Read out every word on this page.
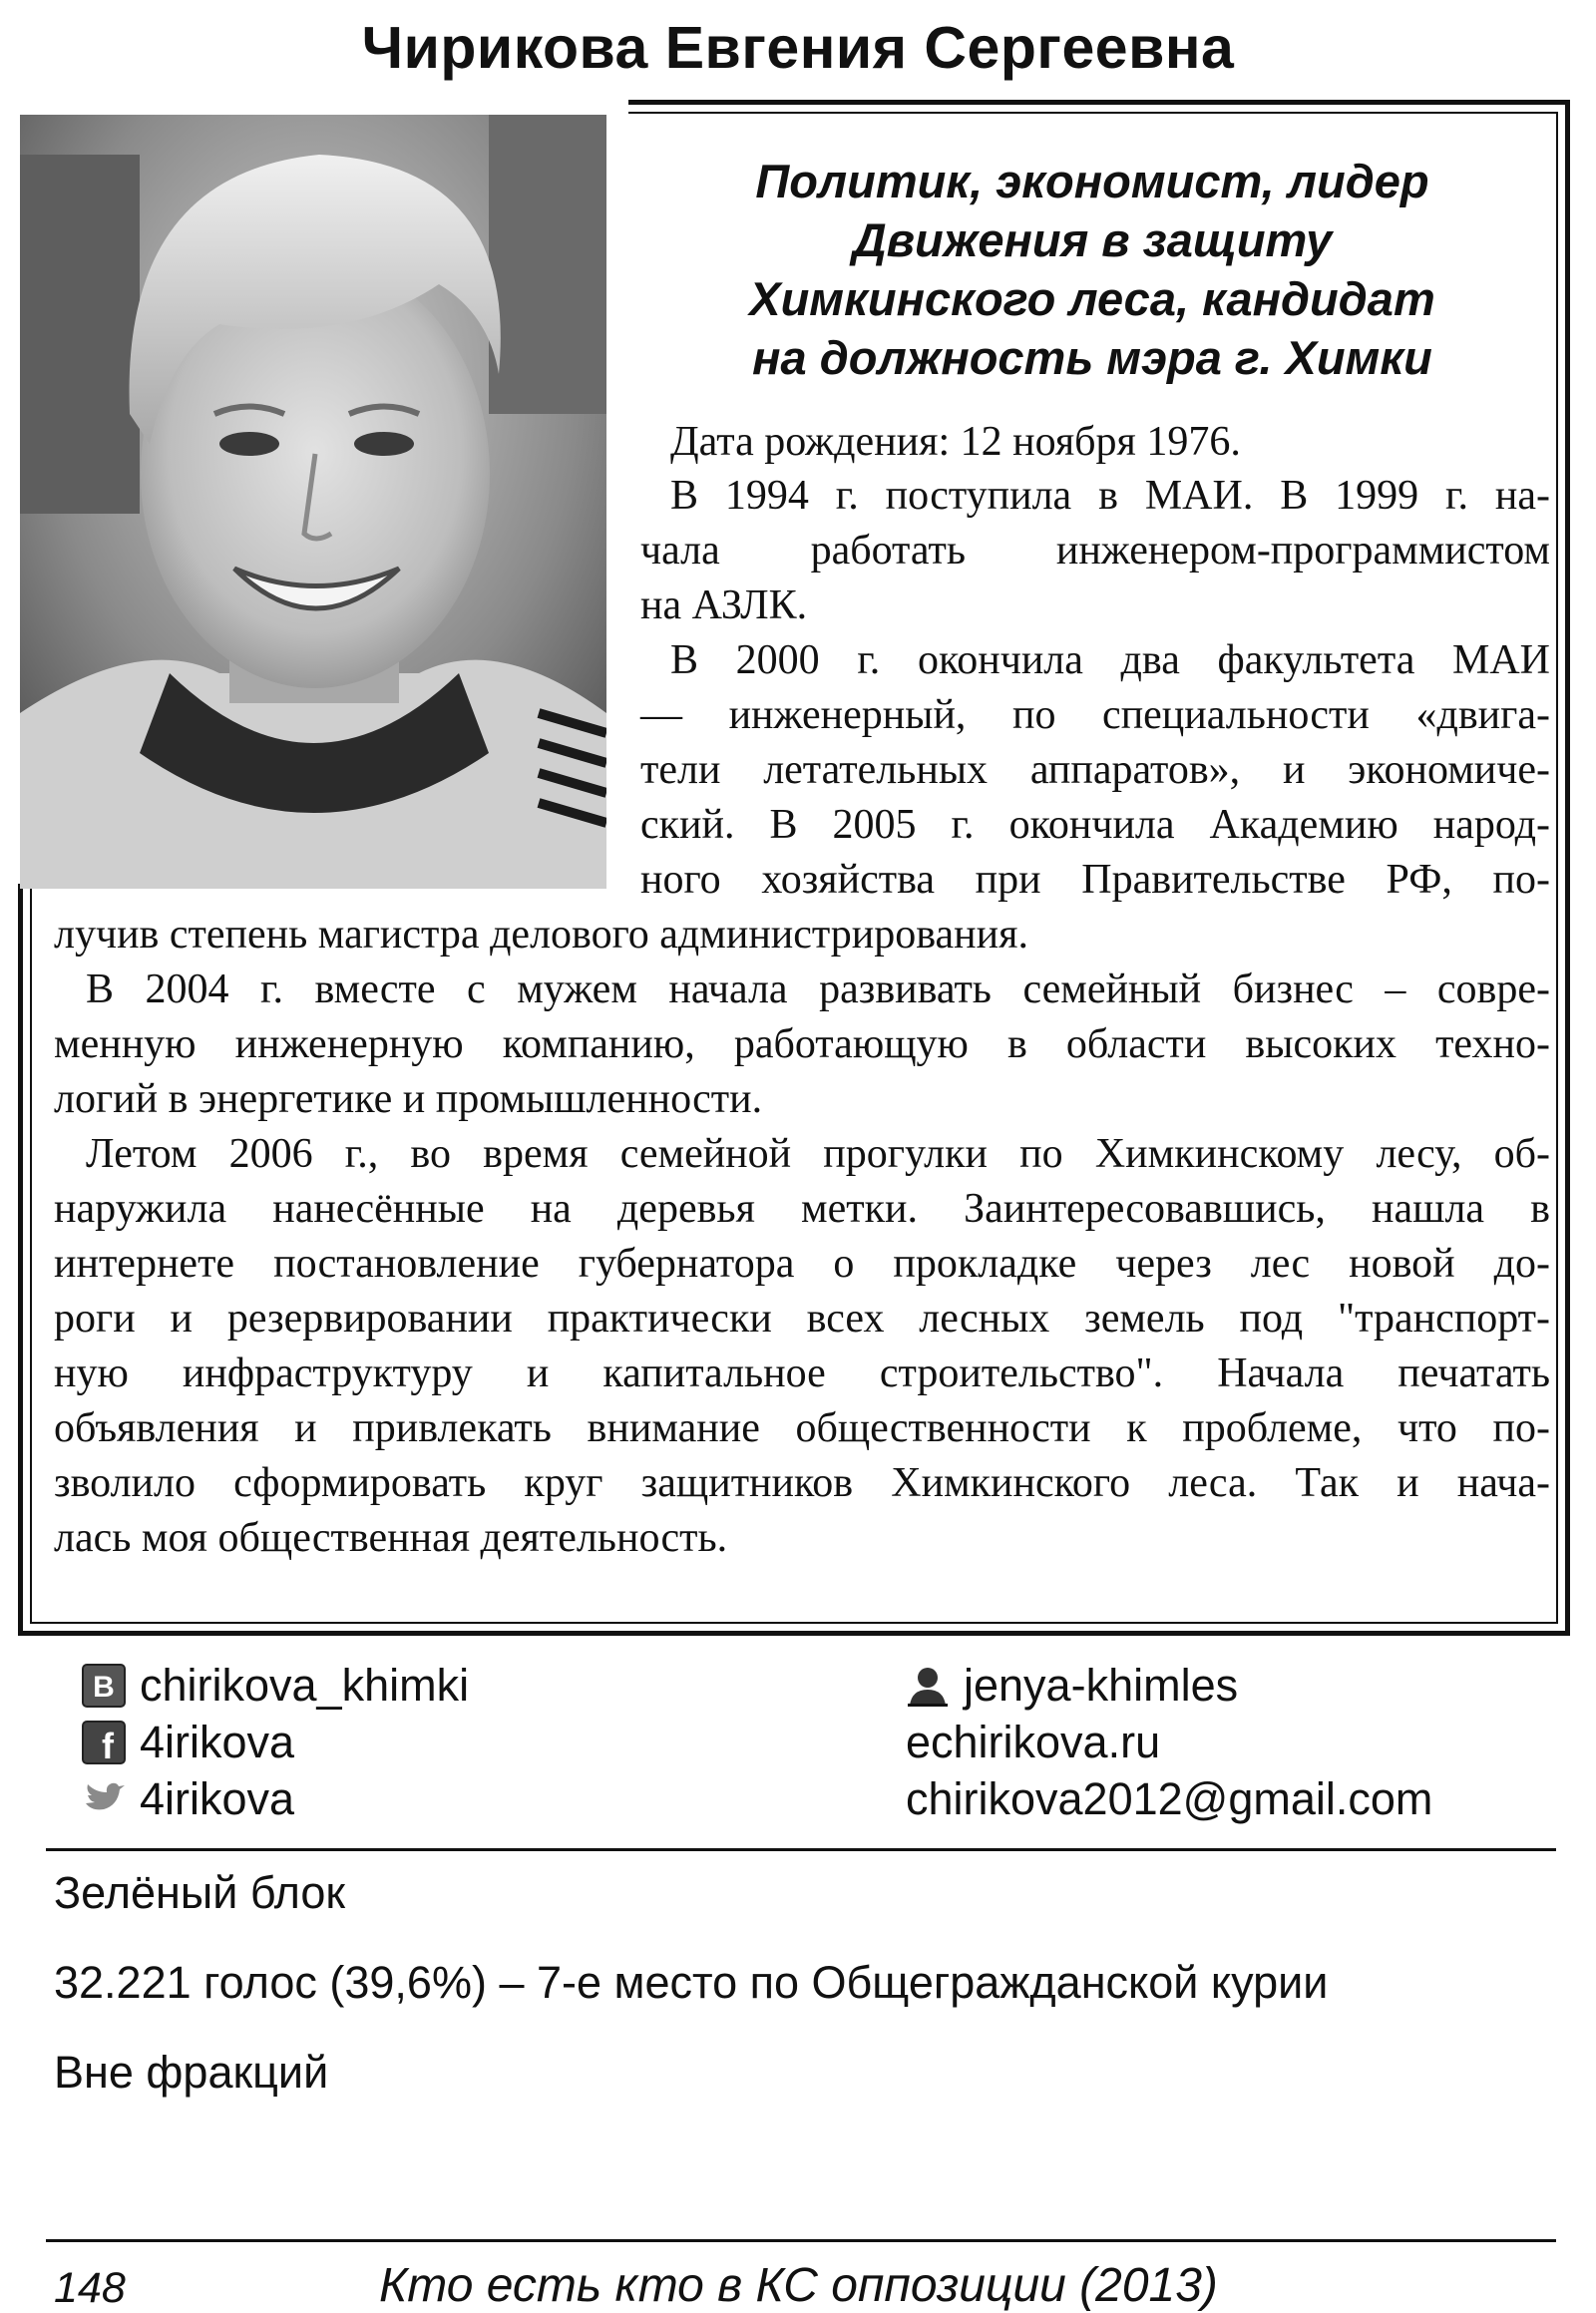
Чирикова Евгения Сергеевна
Политик, экономист, лидер
Движения в защиту
Химкинского леса, кандидат
на должность мэра г. Химки

Дата рождения: 12 ноября 1976.

В 1994 г. поступила в МАИ. В 1999 г. на-

чала работать инженером-программистом

на АЗЛК.

В 2000 г. окончила два факультета МАИ

— инженерный, по специальности «двига-

тели летательных аппаратов», и экономиче-

ский. В 2005 г. окончила Академию народ-

ного хозяйства при Правительстве РФ, по-

лучив степень магистра делового администрирования.

В 2004 г. вместе с мужем начала развивать семейный бизнес – совре-

менную инженерную компанию, работающую в области высоких техно-

логий в энергетике и промышленности.

Летом 2006 г., во время семейной прогулки по Химкинскому лесу, об-

наружила нанесённые на деревья метки. Заинтересовавшись, нашла в

интернете постановление губернатора о прокладке через лес новой до-

роги и резервировании практически всех лесных земель под "транспорт-

ную инфраструктуру и капитальное строительство". Начала печатать

объявления и привлекать внимание общественности к проблеме, что по-

зволило сформировать круг защитников Химкинского леса. Так и нача-

лась моя общественная деятельность.

В chirikova_khimki
f 4irikova
4irikova
jenya-khimles
echirikova.ru
chirikova2012@gmail.com

Зелёный блок

32.221 голос (39,6%) – 7-е место по Общегражданской курии

Вне фракций

148	Кто есть кто в КС оппозиции (2013)
